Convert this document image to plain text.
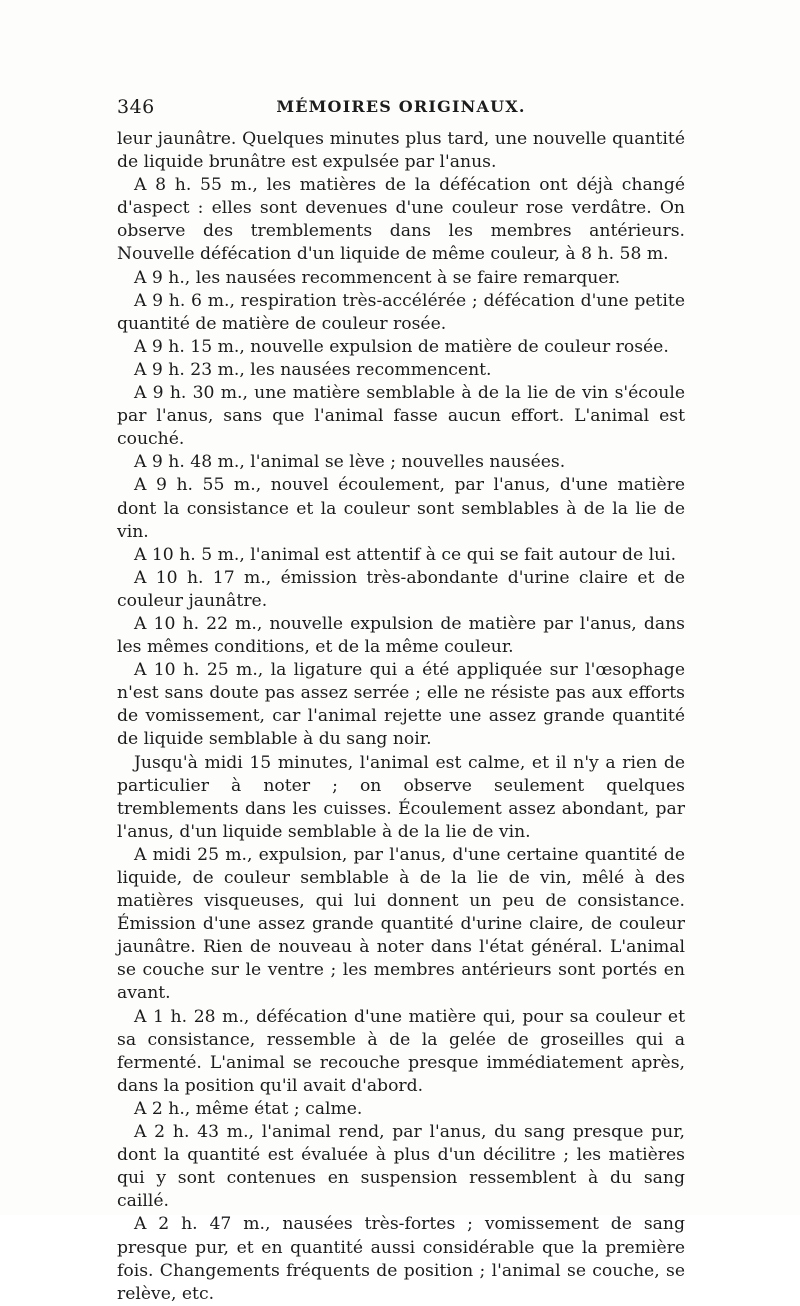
346	MÉMOIRES ORIGINAUX.

leur jaunâtre. Quelques minutes plus tard, une nouvelle quantité de liquide brunâtre est expulsée par l'anus.

A 8 h. 55 m., les matières de la défécation ont déjà changé d'aspect : elles sont devenues d'une couleur rose verdâtre. On observe des tremblements dans les membres antérieurs. Nouvelle défécation d'un liquide de même couleur, à 8 h. 58 m.

A 9 h., les nausées recommencent à se faire remarquer.

A 9 h. 6 m., respiration très-accélérée ; défécation d'une petite quantité de matière de couleur rosée.

A 9 h. 15 m., nouvelle expulsion de matière de couleur rosée.

A 9 h. 23 m., les nausées recommencent.

A 9 h. 30 m., une matière semblable à de la lie de vin s'écoule par l'anus, sans que l'animal fasse aucun effort. L'animal est couché.

A 9 h. 48 m., l'animal se lève ; nouvelles nausées.

A 9 h. 55 m., nouvel écoulement, par l'anus, d'une matière dont la consistance et la couleur sont semblables à de la lie de vin.

A 10 h. 5 m., l'animal est attentif à ce qui se fait autour de lui.

A 10 h. 17 m., émission très-abondante d'urine claire et de couleur jaunâtre.

A 10 h. 22 m., nouvelle expulsion de matière par l'anus, dans les mêmes conditions, et de la même couleur.

A 10 h. 25 m., la ligature qui a été appliquée sur l'œsophage n'est sans doute pas assez serrée ; elle ne résiste pas aux efforts de vomissement, car l'animal rejette une assez grande quantité de liquide semblable à du sang noir.

Jusqu'à midi 15 minutes, l'animal est calme, et il n'y a rien de particulier à noter ; on observe seulement quelques tremblements dans les cuisses. Écoulement assez abondant, par l'anus, d'un liquide semblable à de la lie de vin.

A midi 25 m., expulsion, par l'anus, d'une certaine quantité de liquide, de couleur semblable à de la lie de vin, mêlé à des matières visqueuses, qui lui donnent un peu de consistance. Émission d'une assez grande quantité d'urine claire, de couleur jaunâtre. Rien de nouveau à noter dans l'état général. L'animal se couche sur le ventre ; les membres antérieurs sont portés en avant.

A 1 h. 28 m., défécation d'une matière qui, pour sa couleur et sa consistance, ressemble à de la gelée de groseilles qui a fermenté. L'animal se recouche presque immédiatement après, dans la position qu'il avait d'abord.

A 2 h., même état ; calme.

A 2 h. 43 m., l'animal rend, par l'anus, du sang presque pur, dont la quantité est évaluée à plus d'un décilitre ; les matières qui y sont contenues en suspension ressemblent à du sang caillé.

A 2 h. 47 m., nausées très-fortes ; vomissement de sang presque pur, et en quantité aussi considérable que la première fois. Changements fréquents de position ; l'animal se couche, se relève, etc.
